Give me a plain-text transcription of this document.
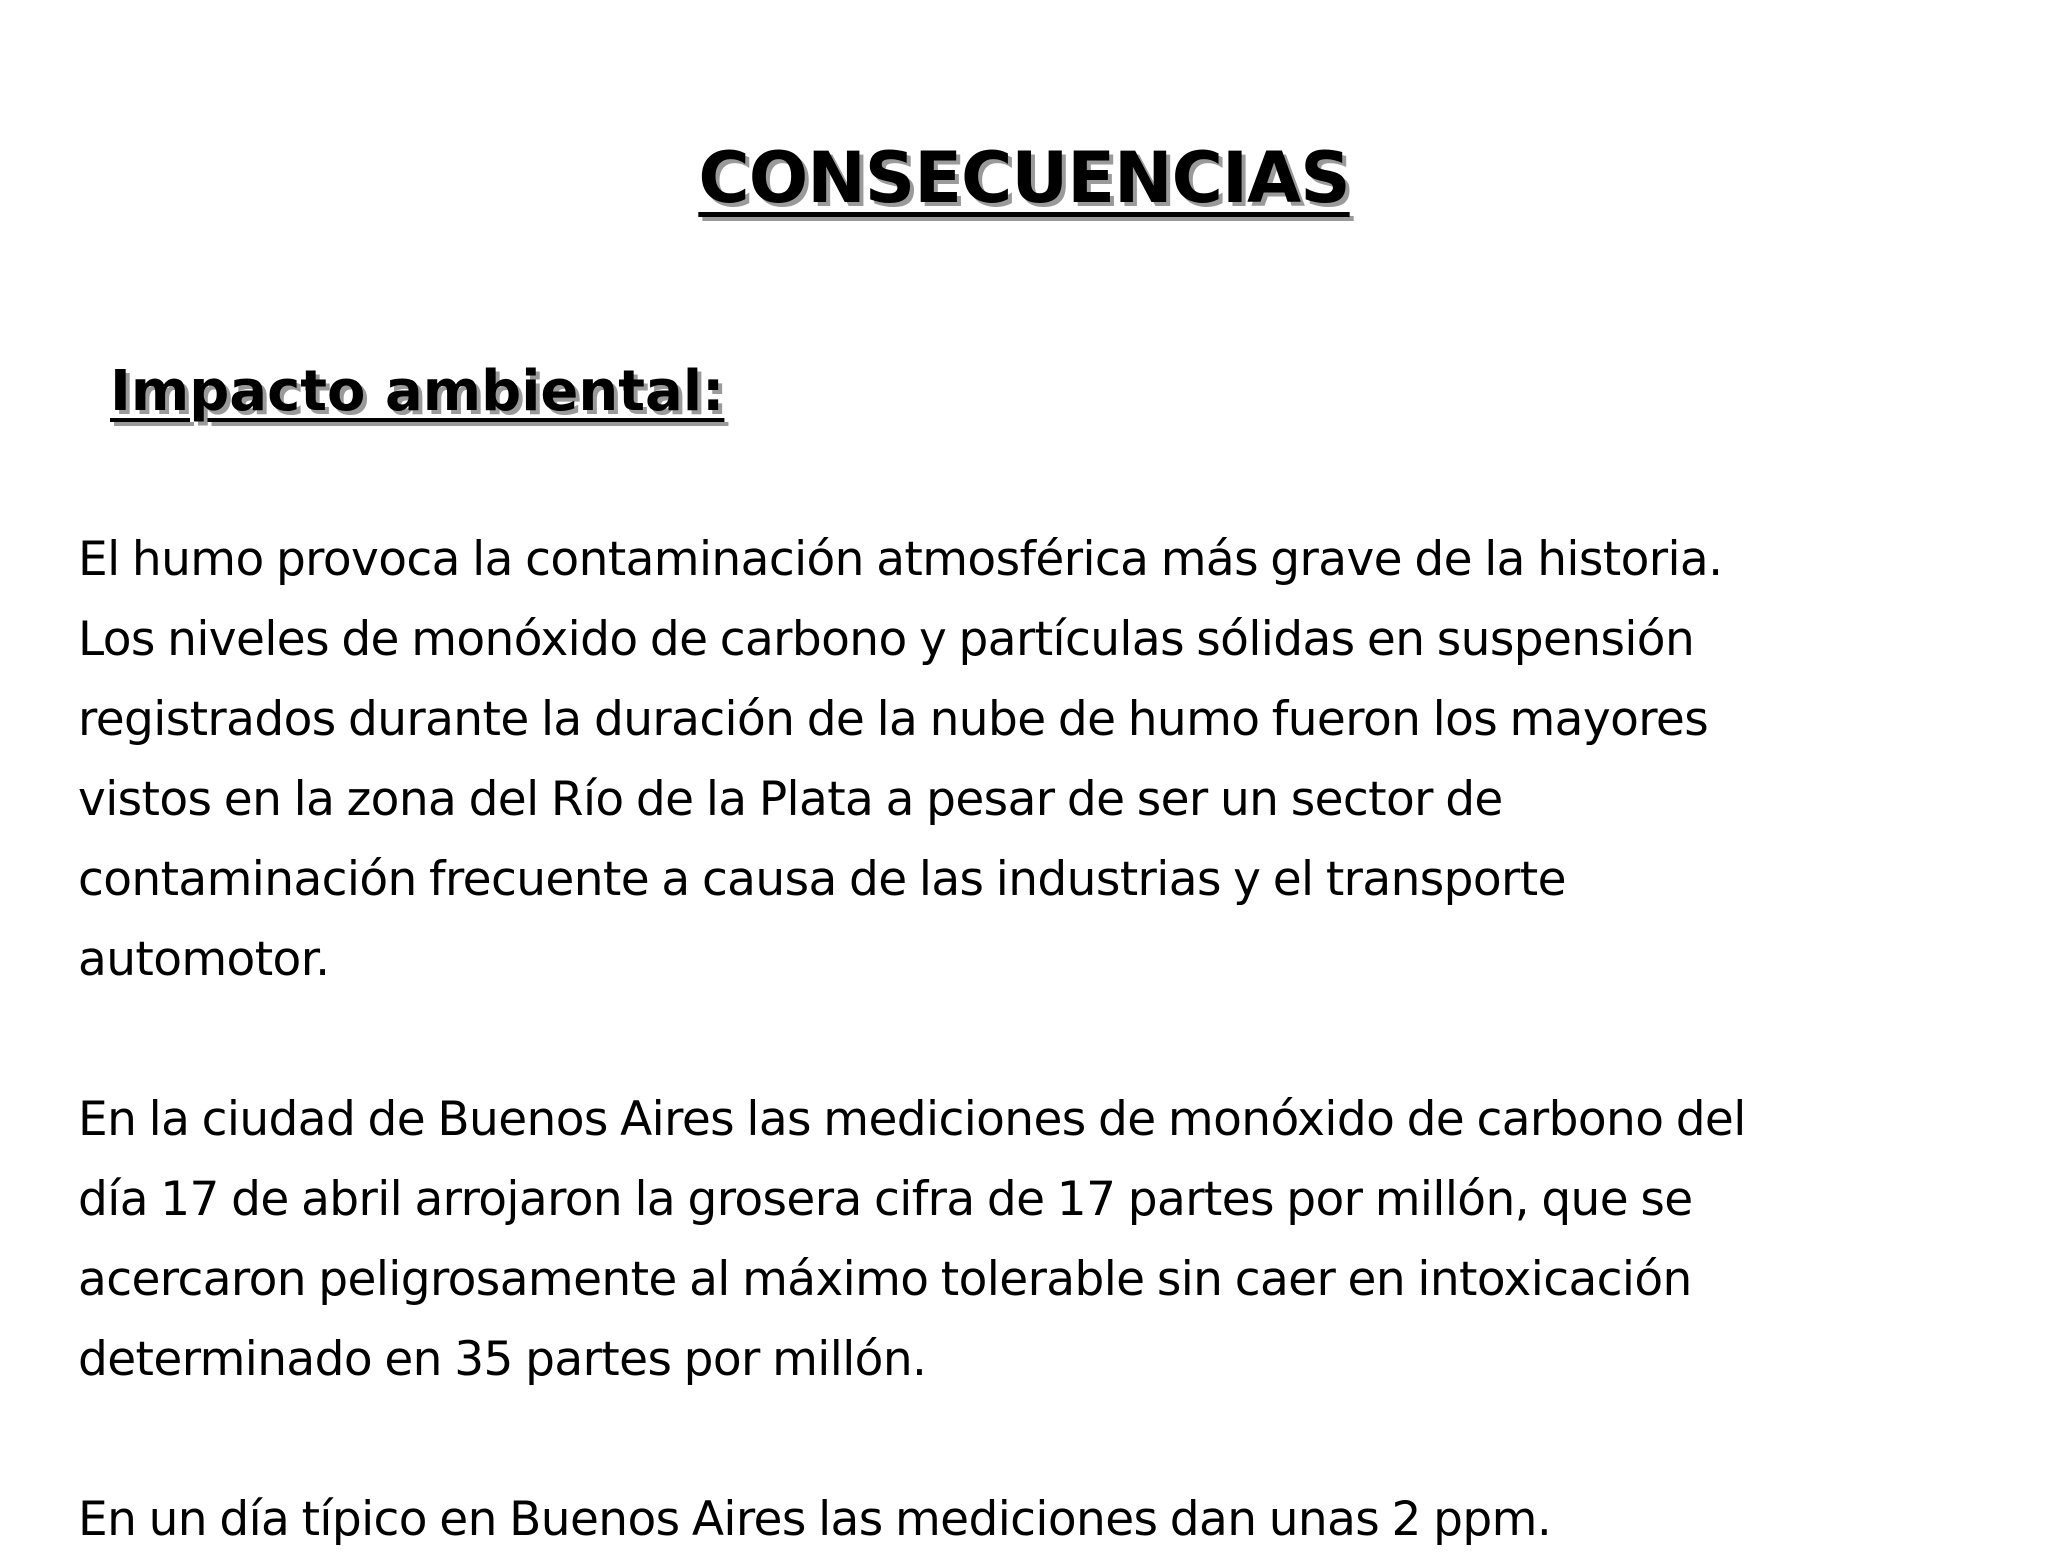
CONSECUENCIAS
Impacto ambiental:

El humo provoca la contaminación atmosférica más grave de la historia.
Los niveles de monóxido de carbono y partículas sólidas en suspensión
registrados durante la duración de la nube de humo fueron los mayores
vistos en la zona del Río de la Plata a pesar de ser un sector de
contaminación frecuente a causa de las industrias y el transporte
automotor.

En la ciudad de Buenos Aires las mediciones de monóxido de carbono del
día 17 de abril arrojaron la grosera cifra de 17 partes por millón, que se
acercaron peligrosamente al máximo tolerable sin caer en intoxicación
determinado en 35 partes por millón.

En un día típico en Buenos Aires las mediciones dan unas 2 ppm.
